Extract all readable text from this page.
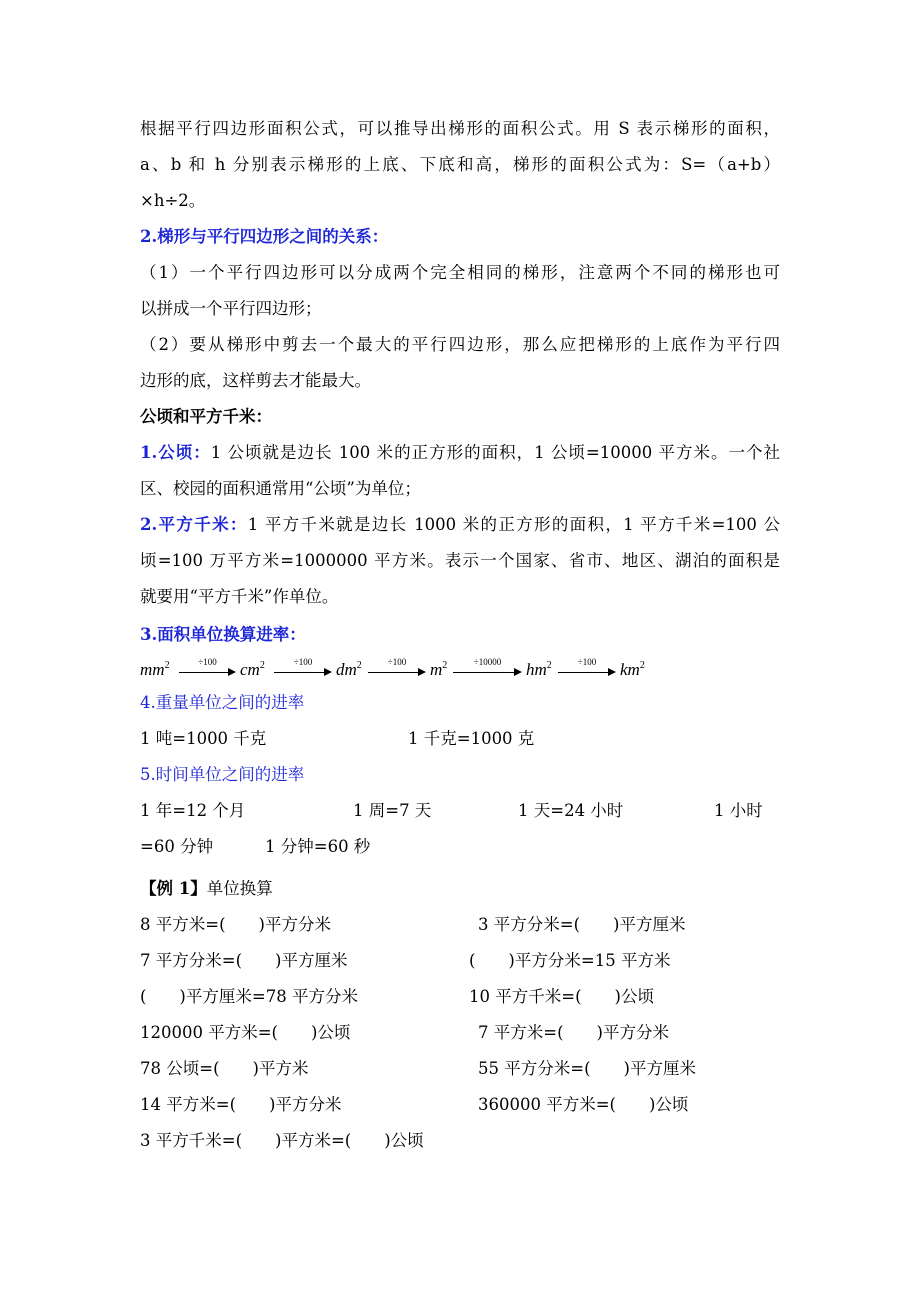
根据平行四边形面积公式，可以推导出梯形的面积公式。用 S 表示梯形的面积，
a、b 和 h 分别表示梯形的上底、下底和高，梯形的面积公式为：S=（a+b）
×h÷2。
2.梯形与平行四边形之间的关系：
（1）一个平行四边形可以分成两个完全相同的梯形，注意两个不同的梯形也可
以拼成一个平行四边形；
（2）要从梯形中剪去一个最大的平行四边形，那么应把梯形的上底作为平行四
边形的底，这样剪去才能最大。
公顷和平方千米：
1.公顷：1 公顷就是边长 100 米的正方形的面积，1 公顷=10000 平方米。一个社
区、校园的面积通常用“公顷”为单位；
2.平方千米：1 平方千米就是边长 1000 米的正方形的面积，1 平方千米=100 公
顷=100 万平方米=1000000 平方米。表示一个国家、省市、地区、湖泊的面积是
就要用“平方千米”作单位。
3.面积单位换算进率：
$mm^2$	÷100	$cm^2$	÷100	$dm^2$	÷100	$m^2$	÷10000	$hm^2$	÷100	$km^2$
4.重量单位之间的进率
1 吨=1000 千克	1 千克=1000 克
5.时间单位之间的进率
1 年=12 个月	1 周=7 天	1 天=24 小时	1 小时
=60 分钟	1 分钟=60 秒
【例 1】单位换算
8 平方米=(　　)平方分米	3 平方分米=(　　)平方厘米
7 平方分米=(　　)平方厘米	(　　)平方分米=15 平方米
(　　)平方厘米=78 平方分米	10 平方千米=(　　)公顷
120000 平方米=(　　)公顷	7 平方米=(　　)平方分米
78 公顷=(　　)平方米	55 平方分米=(　　)平方厘米
14 平方米=(　　)平方分米	360000 平方米=(　　)公顷
3 平方千米=(　　)平方米=(　　)公顷
